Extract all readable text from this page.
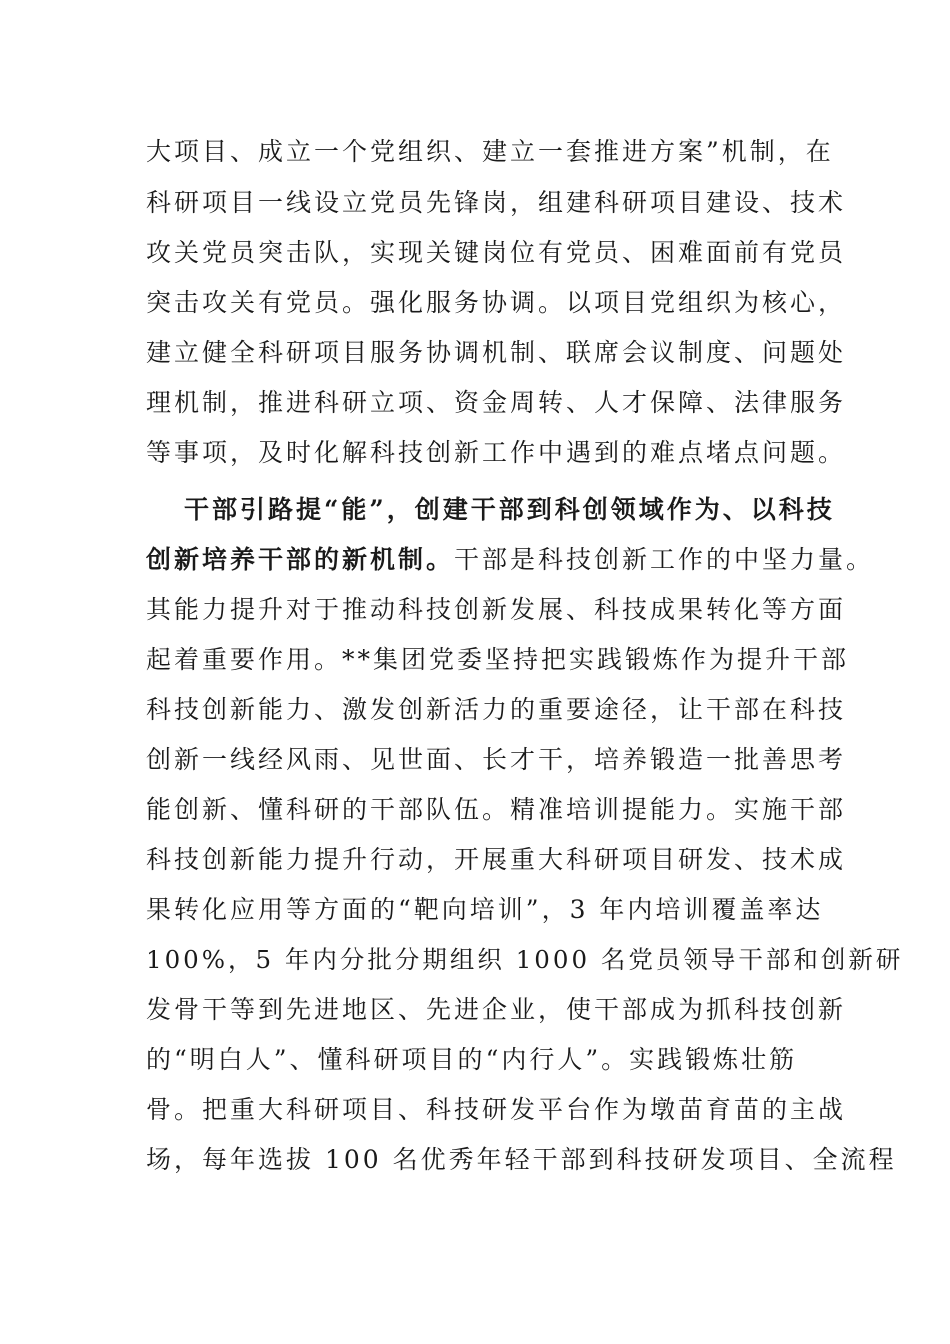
大项目、成立一个党组织、建立一套推进方案”机制，在
科研项目一线设立党员先锋岗，组建科研项目建设、技术
攻关党员突击队，实现关键岗位有党员、困难面前有党员
突击攻关有党员。强化服务协调。以项目党组织为核心，
建立健全科研项目服务协调机制、联席会议制度、问题处
理机制，推进科研立项、资金周转、人才保障、法律服务
等事项，及时化解科技创新工作中遇到的难点堵点问题。
干部引路提“能”，创建干部到科创领域作为、以科技
创新培养干部的新机制。干部是科技创新工作的中坚力量。
其能力提升对于推动科技创新发展、科技成果转化等方面
起着重要作用。**集团党委坚持把实践锻炼作为提升干部
科技创新能力、激发创新活力的重要途径，让干部在科技
创新一线经风雨、见世面、长才干，培养锻造一批善思考
能创新、懂科研的干部队伍。精准培训提能力。实施干部
科技创新能力提升行动，开展重大科研项目研发、技术成
果转化应用等方面的“靶向培训”，3 年内培训覆盖率达
100%，5 年内分批分期组织 1000 名党员领导干部和创新研
发骨干等到先进地区、先进企业，使干部成为抓科技创新
的“明白人”、懂科研项目的“内行人”。实践锻炼壮筋
骨。把重大科研项目、科技研发平台作为墩苗育苗的主战
场，每年选拔 100 名优秀年轻干部到科技研发项目、全流程
